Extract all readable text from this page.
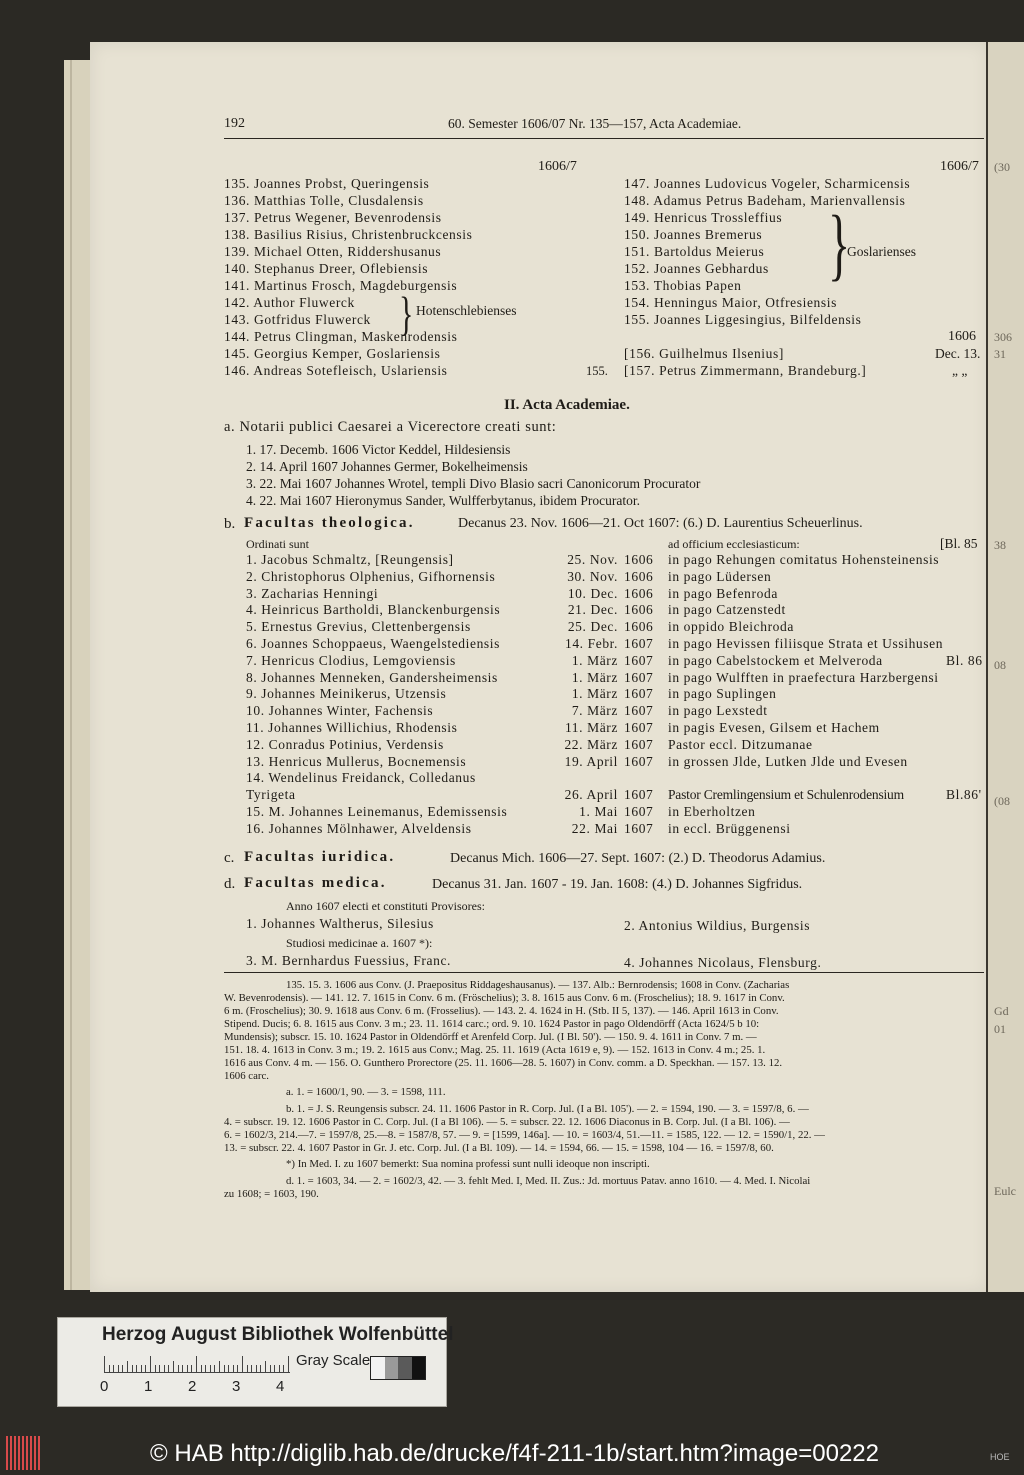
192	60. Semester 1606/07 Nr. 135—157, Acta Academiae.
1606/7	1606/7
135. Joannes Probst, Queringensis
136. Matthias Tolle, Clusdalensis
137. Petrus Wegener, Bevenrodensis
138. Basilius Risius, Christenbruckcensis
139. Michael Otten, Riddershusanus
140. Stephanus Dreer, Oflebiensis
141. Martinus Frosch, Magdeburgensis
142. Author Fluwerck
143. Gotfridus Fluwerck
144. Petrus Clingman, Maskenrodensis
145. Georgius Kemper, Goslariensis
146. Andreas Sotefleisch, Uslariensis
} Hotenschlebienses
155.
147. Joannes Ludovicus Vogeler, Scharmicensis
148. Adamus Petrus Badeham, Marienvallensis
149. Henricus Trossleffius
150. Joannes Bremerus
151. Bartoldus Meierus
152. Joannes Gebhardus
153. Thobias Papen
154. Henningus Maior, Otfresiensis
155. Joannes Liggesingius, Bilfeldensis
}
Goslarienses
1606
[156. Guilhelmus Ilsenius]	Dec. 13.
[157. Petrus Zimmermann, Brandeburg.]	„ „
II. Acta Academiae.
a. Notarii publici Caesarei a Vicerectore creati sunt:
1. 17. Decemb. 1606 Victor Keddel, Hildesiensis
2. 14. April 1607 Johannes Germer, Bokelheimensis
3. 22. Mai 1607 Johannes Wrotel, templi Divo Blasio sacri Canonicorum Procurator
4. 22. Mai 1607 Hieronymus Sander, Wulfferbytanus, ibidem Procurator.
b. Facultas theologica.	Decanus 23. Nov. 1606—21. Oct 1607: (6.) D. Laurentius Scheuerlinus.
Ordinati sunt	ad officium ecclesiasticum:	[Bl. 85
1. Jacobus Schmaltz, [Reungensis]	25. Nov. 1606 in pago Rehungen comitatus Hohensteinensis
2. Christophorus Olphenius, Gifhornensis	30. Nov. 1606 in pago Lüdersen
3. Zacharias Henningi	10. Dec. 1606 in pago Befenroda
4. Heinricus Bartholdi, Blanckenburgensis	21. Dec. 1606 in pago Catzenstedt
5. Ernestus Grevius, Clettenbergensis	25. Dec. 1606 in oppido Bleichroda
6. Joannes Schoppaeus, Waengelstediensis	14. Febr. 1607 in pago Hevissen filiisque Strata et Ussihusen
7. Henricus Clodius, Lemgoviensis	1. März 1607 in pago Cabelstockem et Melveroda	Bl. 86
8. Johannes Menneken, Gandersheimensis	1. März 1607 in pago Wulfften in praefectura Harzbergensi
9. Johannes Meinikerus, Utzensis	1. März 1607 in pago Suplingen
10. Johannes Winter, Fachensis	7. März 1607 in pago Lexstedt
11. Johannes Willichius, Rhodensis	11. März 1607 in pagis Evesen, Gilsem et Hachem
12. Conradus Potinius, Verdensis	22. März 1607 Pastor eccl. Ditzumanae
13. Henricus Mullerus, Bocnemensis	19. April 1607 in grossen Jlde, Lutken Jlde und Evesen
14. Wendelinus Freidanck, Colledanus
Tyrigeta	26. April 1607 Pastor Cremlingensium et Schulenrodensium	Bl.86'
15. M. Johannes Leinemanus, Edemissensis	1. Mai 1607 in Eberholtzen
16. Johannes Mölnhawer, Alveldensis	22. Mai 1607 in eccl. Brüggenensi
c. Facultas iuridica.	Decanus Mich. 1606—27. Sept. 1607: (2.) D. Theodorus Adamius.
d. Facultas medica.	Decanus 31. Jan. 1607 - 19. Jan. 1608: (4.) D. Johannes Sigfridus.
Anno 1607 electi et constituti Provisores:
1. Johannes Waltherus, Silesius	2. Antonius Wildius, Burgensis
Studiosi medicinae a. 1607 *):
3. M. Bernhardus Fuessius, Franc.	4. Johannes Nicolaus, Flensburg.
135. 15. 3. 1606 aus Conv. (J. Praepositus Riddageshausanus). — 137. Alb.: Bernrodensis; 1608 in Conv. (Zacharias
W. Bevenrodensis). — 141. 12. 7. 1615 in Conv. 6 m. (Fröschelius); 3. 8. 1615 aus Conv. 6 m. (Froschelius); 18. 9. 1617 in Conv.
6 m. (Froschelius); 30. 9. 1618 aus Conv. 6 m. (Frosselius). — 143. 2. 4. 1624 in H. (Stb. II 5, 137). — 146. April 1613 in Conv.
Stipend. Ducis; 6. 8. 1615 aus Conv. 3 m.; 23. 11. 1614 carc.; ord. 9. 10. 1624 Pastor in pago Oldendörff (Acta 1624/5 b 10:
Mundensis); subscr. 15. 10. 1624 Pastor in Oldendörff et Arenfeld Corp. Jul. (I Bl. 50'). — 150. 9. 4. 1611 in Conv. 7 m. —
151. 18. 4. 1613 in Conv. 3 m.; 19. 2. 1615 aus Conv.; Mag. 25. 11. 1619 (Acta 1619 e, 9). — 152. 1613 in Conv. 4 m.; 25. 1.
1616 aus Conv. 4 m. — 156. O. Gunthero Prorectore (25. 11. 1606—28. 5. 1607) in Conv. comm. a D. Speckhan. — 157. 13. 12.
1606 carc.
a. 1. = 1600/1, 90. — 3. = 1598, 111.
b. 1. = J. S. Reungensis subscr. 24. 11. 1606 Pastor in R. Corp. Jul. (I a Bl. 105'). — 2. = 1594, 190. — 3. = 1597/8, 6. —
4. = subscr. 19. 12. 1606 Pastor in C. Corp. Jul. (I a Bl 106). — 5. = subscr. 22. 12. 1606 Diaconus in B. Corp. Jul. (I a Bl. 106). —
6. = 1602/3, 214.—7. = 1597/8, 25.—8. = 1587/8, 57. — 9. = [1599, 146a]. — 10. = 1603/4, 51.—11. = 1585, 122. — 12. = 1590/1, 22. —
13. = subscr. 22. 4. 1607 Pastor in Gr. J. etc. Corp. Jul. (I a Bl. 109). — 14. = 1594, 66. — 15. = 1598, 104 — 16. = 1597/8, 60.
*) In Med. I. zu 1607 bemerkt: Sua nomina professi sunt nulli ideoque non inscripti.
d. 1. = 1603, 34. — 2. = 1602/3, 42. — 3. fehlt Med. I, Med. II. Zus.: Jd. mortuus Patav. anno 1610. — 4. Med. I. Nicolai
zu 1608; = 1603, 190.
(30
306
31
38
08
(08
Gd
01
Eulc
Herzog August Bibliothek Wolfenbüttel
0 1 2 3 4
Gray Scale
© HAB http://diglib.hab.de/drucke/f4f-211-1b/start.htm?image=00222	HOE
